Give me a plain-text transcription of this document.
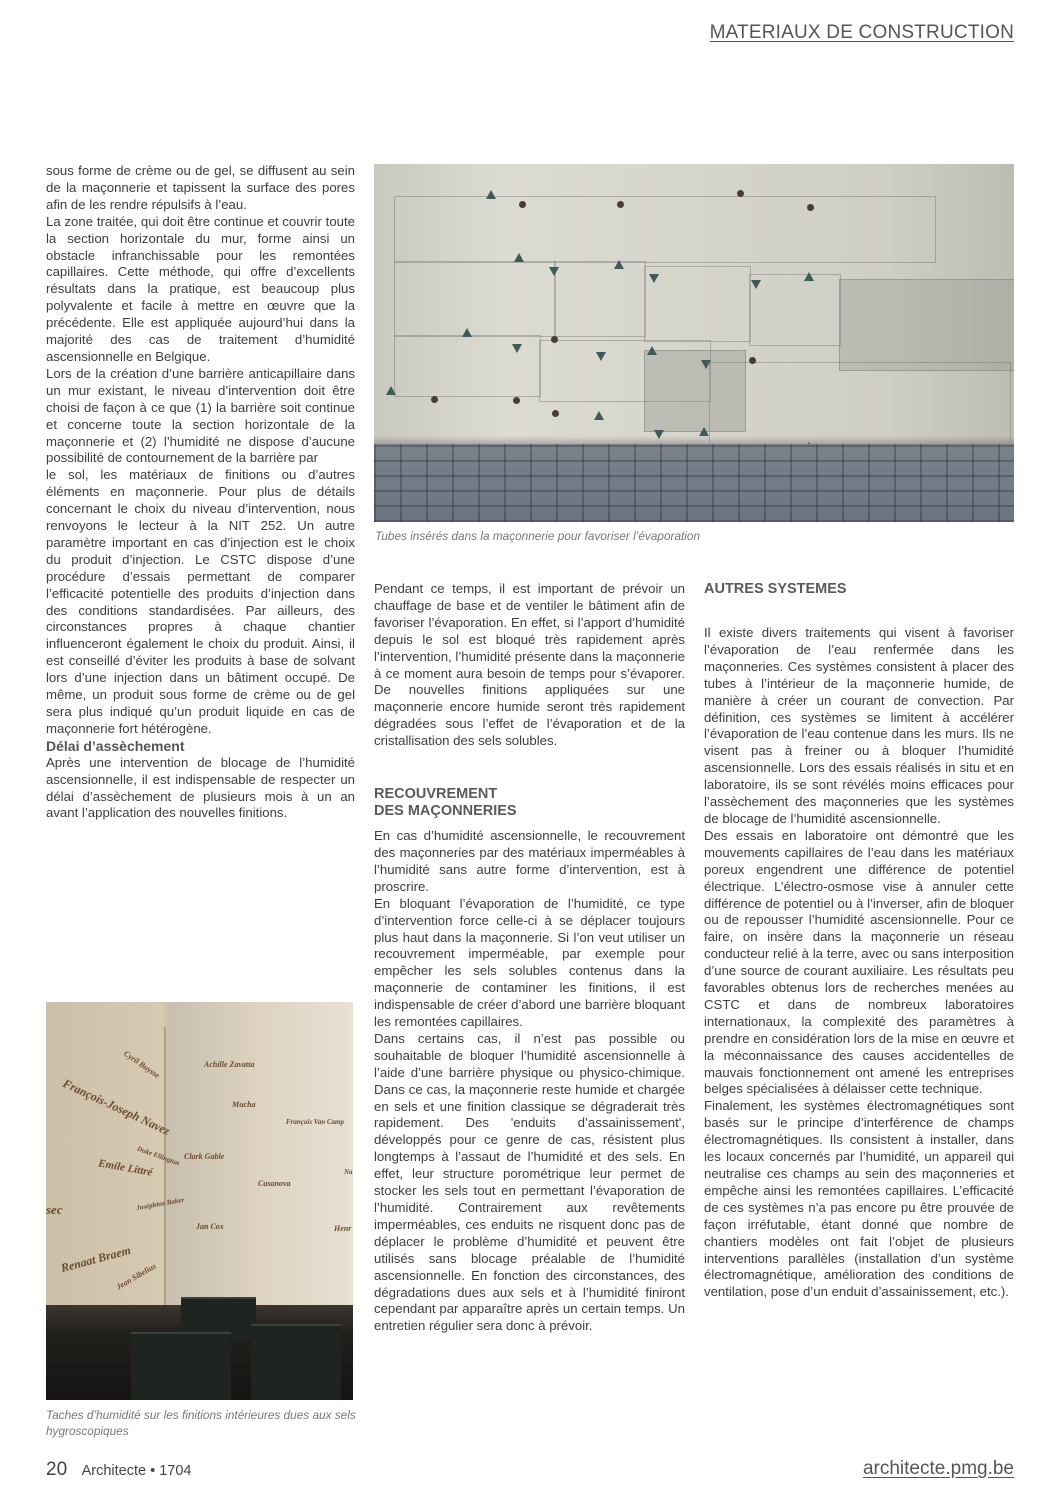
MATERIAUX DE CONSTRUCTION

sous forme de crème ou de gel, se diffusent au sein de la maçonnerie et tapissent la surface des pores afin de les rendre répulsifs à l’eau.

La zone traitée, qui doit être continue et couvrir toute la section horizontale du mur, forme ainsi un obstacle infranchissable pour les remontées capillaires. Cette méthode, qui offre d’excellents résultats dans la pratique, est beaucoup plus polyvalente et facile à mettre en œuvre que la précédente. Elle est appliquée aujourd’hui dans la majorité des cas de traitement d’humidité ascensionnelle en Belgique.

Lors de la création d’une barrière anticapillaire dans un mur existant, le niveau d’intervention doit être choisi de façon à ce que (1) la barrière soit continue et concerne toute la section horizontale de la maçonnerie et (2) l’humidité ne dispose d’aucune possibilité de contournement de la barrière par

le sol, les matériaux de finitions ou d’autres éléments en maçonnerie. Pour plus de détails concernant le choix du niveau d’intervention, nous renvoyons le lecteur à la NIT 252. Un autre paramètre important en cas d’injection est le choix du produit d’injection. Le CSTC dispose d’une procédure d’essais permettant de comparer l’efficacité potentielle des produits d’injection dans des conditions standardisées. Par ailleurs, des circonstances propres à chaque chantier influenceront également le choix du produit. Ainsi, il est conseillé d’éviter les produits à base de solvant lors d’une injection dans un bâtiment occupé. De même, un produit sous forme de crème ou de gel sera plus indiqué qu’un produit liquide en cas de maçonnerie fort hétérogène.

Délai d’assèchement

Après une intervention de blocage de l’humidité ascensionnelle, il est indispensable de respecter un délai d’assèchement de plusieurs mois à un an avant l’application des nouvelles finitions.

Tubes insérés dans la maçonnerie pour favoriser l’évaporation

Pendant ce temps, il est important de prévoir un chauffage de base et de ventiler le bâtiment afin de favoriser l’évaporation. En effet, si l’apport d’humidité depuis le sol est bloqué très rapidement après l’intervention, l’humidité présente dans la maçonnerie à ce moment aura besoin de temps pour s’évaporer. De nouvelles finitions appliquées sur une maçonnerie encore humide seront très rapidement dégradées sous l’effet de l’évaporation et de la cristallisation des sels solubles.

RECOUVREMENT
DES MAÇONNERIES

En cas d’humidité ascensionnelle, le recouvrement des maçonneries par des matériaux imperméables à l’humidité sans autre forme d’intervention, est à proscrire.

En bloquant l’évaporation de l’humidité, ce type d’intervention force celle-ci à se déplacer toujours plus haut dans la maçonnerie. Si l’on veut utiliser un recouvrement imperméable, par exemple pour empêcher les sels solubles contenus dans la maçonnerie de contaminer les finitions, il est indispensable de créer d’abord une barrière bloquant les remontées capillaires.

Dans certains cas, il n’est pas possible ou souhaitable de bloquer l’humidité ascensionnelle à l’aide d’une barrière physique ou physico-chimique. Dans ce cas, la maçonnerie reste humide et chargée en sels et une finition classique se dégraderait très rapidement. Des 'enduits d’assainissement', développés pour ce genre de cas, résistent plus longtemps à l’assaut de l’humidité et des sels. En effet, leur structure porométrique leur permet de stocker les sels tout en permettant l’évaporation de l’humidité. Contrairement aux revêtements imperméables, ces enduits ne risquent donc pas de déplacer le problème d’humidité et peuvent être utilisés sans blocage préalable de l’humidité ascensionnelle. En fonction des circonstances, des dégradations dues aux sels et à l’humidité finiront cependant par apparaître après un certain temps. Un entretien régulier sera donc à prévoir.

AUTRES SYSTEMES

Il existe divers traitements qui visent à favoriser l’évaporation de l’eau renfermée dans les maçonneries. Ces systèmes consistent à placer des tubes à l’intérieur de la maçonnerie humide, de manière à créer un courant de convection. Par définition, ces systèmes se limitent à accélérer l’évaporation de l’eau contenue dans les murs. Ils ne visent pas à freiner ou à bloquer l’humidité ascensionnelle. Lors des essais réalisés in situ et en laboratoire, ils se sont révélés moins efficaces pour l’assèchement des maçonneries que les systèmes de blocage de l’humidité ascensionnelle.

Des essais en laboratoire ont démontré que les mouvements capillaires de l’eau dans les matériaux poreux engendrent une différence de potentiel électrique. L’électro-osmose vise à annuler cette différence de potentiel ou à l’inverser, afin de bloquer ou de repousser l’humidité ascensionnelle. Pour ce faire, on insère dans la maçonnerie un réseau conducteur relié à la terre, avec ou sans interposition d’une source de courant auxiliaire. Les résultats peu favorables obtenus lors de recherches menées au CSTC et dans de nombreux laboratoires internationaux, la complexité des paramètres à prendre en considération lors de la mise en œuvre et la méconnaissance des causes accidentelles de mauvais fonctionnement ont amené les entreprises belges spécialisées à délaisser cette technique.

Finalement, les systèmes électromagnétiques sont basés sur le principe d’interférence de champs électromagnétiques. Ils consistent à installer, dans les locaux concernés par l’humidité, un appareil qui neutralise ces champs au sein des maçonneries et empêche ainsi les remontées capillaires. L’efficacité de ces systèmes n’a pas encore pu être prouvée de façon irréfutable, étant donné que nombre de chantiers modèles ont fait l’objet de plusieurs interventions parallèles (installation d’un système électromagnétique, amélioration des conditions de ventilation, pose d’un enduit d’assainissement, etc.).

Cyril Buysse
François-Joseph Navez
Duke Ellington
Emile Littré
Joséphine Baker
sec
Renaat Braem
Jean Sibelius
Achille Zavatta
Mucha
François Van Camp
Clark Gable
Casanova
Na
Jan Cox	Henr
Taches d’humidité sur les finitions intérieures dues aux sels hygroscopiques
20 Architecte • 1704	architecte.pmg.be
